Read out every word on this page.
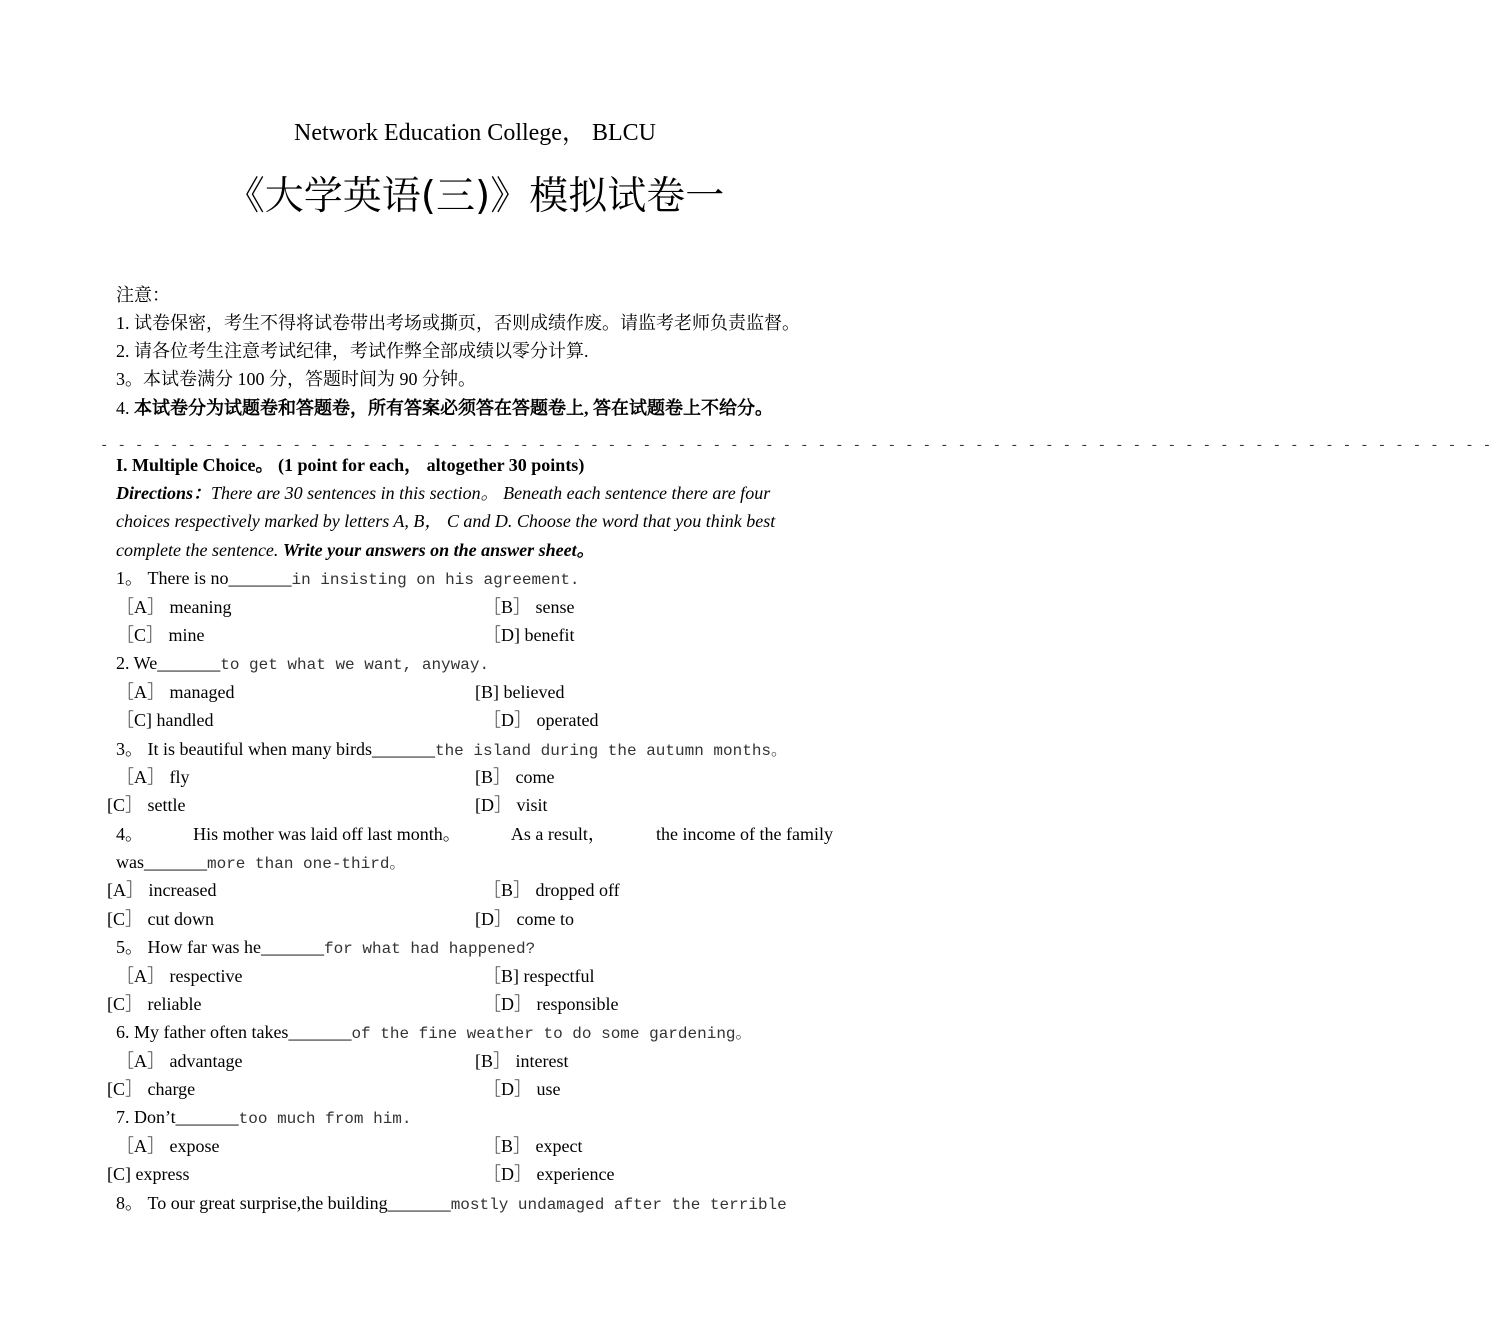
Network Education College， BLCU
《大学英语(三)》模拟试卷一
注意：
1. 试卷保密，考生不得将试卷带出考场或撕页，否则成绩作废。请监考老师负责监督。
2. 请各位考生注意考试纪律，考试作弊全部成绩以零分计算.
3。本试卷满分 100 分，答题时间为 90 分钟。
4. 本试卷分为试题卷和答题卷，所有答案必须答在答题卷上, 答在试题卷上不给分。
- - - - - - - - - - - - - - - - - - - - - - - - - - - - - - - - - - - - - - - - - - - - - - - - - - - - - - - - - - - - - - - - - - - - - - - - - - - - - - - -
I. Multiple Choice。 (1 point for each， altogether 30 points)
Directions：There are 30 sentences in this section。 Beneath each sentence there are four
choices respectively marked by letters A, B， C and D. Choose the word that you think best
complete the sentence. Write your answers on the answer sheet。
1。 There is no_______in insisting on his agreement.
［A］ meaning	［B］ sense
［C］ mine	［D] benefit
2. We_______to get what we want, anyway.
［A］ managed	[B] believed
［C] handled	［D］ operated
3。 It is beautiful when many birds_______the island during the autumn months。
［A］ fly	[B］ come
[C］ settle	[D］ visit
4。	His mother was laid off last month。	As a result，	the income of the family
was_______more than one-third。
[A］ increased	［B］ dropped off
[C］ cut down	[D］ come to
5。 How far was he_______for what had happened?
［A］ respective	［B] respectful
[C］ reliable	［D］ responsible
6. My father often takes_______of the fine weather to do some gardening。
［A］ advantage	[B］ interest
[C］ charge	［D］ use
7. Don’t_______too much from him.
［A］ expose	［B］ expect
[C] express	［D］ experience
8。 To our great surprise,the building_______mostly undamaged after the terrible
